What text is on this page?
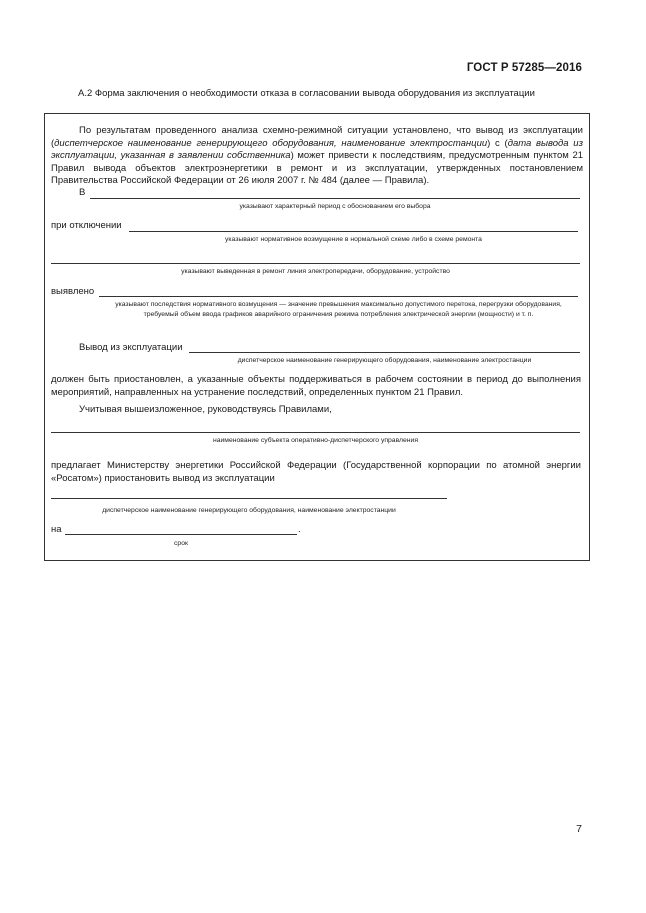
ГОСТ Р 57285—2016
А.2 Форма заключения о необходимости отказа в согласовании вывода оборудования из эксплуатации
По результатам проведенного анализа схемно-режимной ситуации установлено, что вывод из эксплуатации (диспетчерское наименование генерирующего оборудования, наименование электростанции) с (дата вывода из эксплуатации, указанная в заявлении собственника) может привести к последствиям, предусмотренным пунктом 21 Правил вывода объектов электроэнергетики в ремонт и из эксплуатации, утвержденных постановлением Правительства Российской Федерации от 26 июля 2007 г. № 484 (далее — Правила).
В
указывают характерный период с обоснованием его выбора
при отключении
указывают нормативное возмущение в нормальной схеме либо в схеме ремонта
указывают выведенная в ремонт линия электропередачи, оборудование, устройство
выявлено
указывают последствия нормативного возмущения — значение превышения максимально допустимого перетока, перегрузки оборудования, требуемый объем ввода графиков аварийного ограничения режима потребления электрической энергии (мощности) и т. п.
Вывод из эксплуатации
диспетчерское наименование генерирующего оборудования, наименование электростанции
должен быть приостановлен, а указанные объекты поддерживаться в рабочем состоянии в период до выполнения мероприятий, направленных на устранение последствий, определенных пунктом 21 Правил.
Учитывая вышеизложенное, руководствуясь Правилами,
наименование субъекта оперативно-диспетчерского управления
предлагает Министерству энергетики Российской Федерации (Государственной корпорации по атомной энергии «Росатом») приостановить вывод из эксплуатации
диспетчерское наименование генерирующего оборудования, наименование электростанции
на	.
срок
7
